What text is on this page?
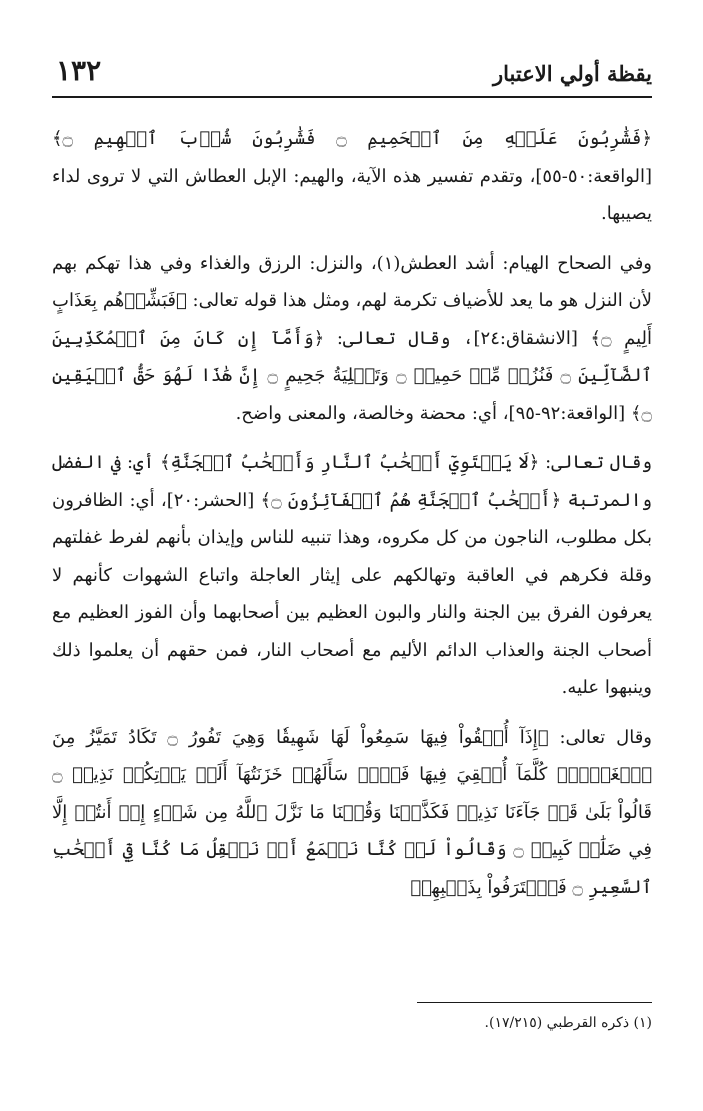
يقظة أولي الاعتبار
١٣٢

﴿فَشَٰرِبُونَ عَلَيۡهِ مِنَ ٱلۡحَمِيمِ ۝ فَشَٰرِبُونَ شُرۡبَ ٱلۡهِيمِ ۝﴾ [الواقعة:٥٠-٥٥]، وتقدم تفسير هذه الآية، والهيم: الإبل العطاش التي لا تروى لداء يصيبها.

وفي الصحاح الهيام: أشد العطش(١)، والنزل: الرزق والغذاء وفي هذا تهكم بهم لأن النزل هو ما يعد للأضياف تكرمة لهم، ومثل هذا قوله تعالى: ﴿فَبَشِّرۡهُم بِعَذَابٍ أَلِيمٍ ۝﴾ [الانشقاق:٢٤]، وقال تعالى: ﴿وَأَمَّآ إِن كَانَ مِنَ ٱلۡمُكَذِّبِينَ ٱلضَّآلِّينَ ۝ فَنُزُلٞ مِّنۡ حَمِيمٖ ۝ وَتَصۡلِيَةُ جَحِيمٍ ۝ إِنَّ هَٰذَا لَهُوَ حَقُّ ٱلۡيَقِينِ ۝﴾ [الواقعة:٩٢-٩٥]، أي: محضة وخالصة، والمعنى واضح.

وقال تعالى: ﴿لَا يَسۡتَوِيٓ أَصۡحَٰبُ ٱلنَّارِ وَأَصۡحَٰبُ ٱلۡجَنَّةِ﴾ أي: في الفضل والمرتبة ﴿أَصۡحَٰبُ ٱلۡجَنَّةِ هُمُ ٱلۡفَآئِزُونَ ۝﴾ [الحشر:٢٠]، أي: الظافرون بكل مطلوب، الناجون من كل مكروه، وهذا تنبيه للناس وإيذان بأنهم لفرط غفلتهم وقلة فكرهم في العاقبة وتهالكهم على إيثار العاجلة واتباع الشهوات كأنهم لا يعرفون الفرق بين الجنة والنار والبون العظيم بين أصحابهما وأن الفوز العظيم مع أصحاب الجنة والعذاب الدائم الأليم مع أصحاب النار، فمن حقهم أن يعلموا ذلك وينبهوا عليه.

وقال تعالى: ﴿إِذَآ أُلۡقُواْ فِيهَا سَمِعُواْ لَهَا شَهِيقٗا وَهِيَ تَفُورُ ۝ تَكَادُ تَمَيَّزُ مِنَ ٱلۡغَيۡظِۖ كُلَّمَآ أُلۡقِيَ فِيهَا فَوۡجٞ سَأَلَهُمۡ خَزَنَتُهَآ أَلَمۡ يَأۡتِكُمۡ نَذِيرٞ ۝ قَالُواْ بَلَىٰ قَدۡ جَآءَنَا نَذِيرٞ فَكَذَّبۡنَا وَقُلۡنَا مَا نَزَّلَ ٱللَّهُ مِن شَيۡءٍ إِنۡ أَنتُمۡ إِلَّا فِي ضَلَٰلٖ كَبِيرٖ ۝ وَقَالُواْ لَوۡ كُنَّا نَسۡمَعُ أَوۡ نَعۡقِلُ مَا كُنَّا فِيٓ أَصۡحَٰبِ ٱلسَّعِيرِ ۝ فَٱعۡتَرَفُواْ بِذَنۢبِهِمۡ

(١) ذكره القرطبي (١٧/٢١٥).
